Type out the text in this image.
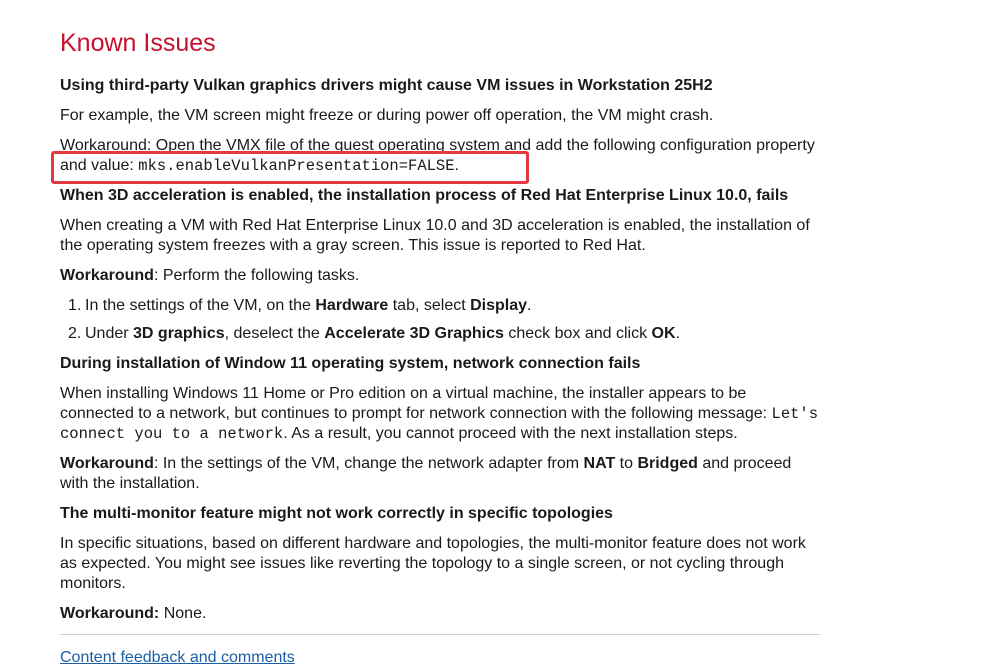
Known Issues

Using third-party Vulkan graphics drivers might cause VM issues in Workstation 25H2

For example, the VM screen might freeze or during power off operation, the VM might crash.

Workaround: Open the VMX file of the guest operating system and add the following configuration property

and value: mks.enableVulkanPresentation=FALSE.

When 3D acceleration is enabled, the installation process of Red Hat Enterprise Linux 10.0, fails

When creating a VM with Red Hat Enterprise Linux 10.0 and 3D acceleration is enabled, the installation of

the operating system freezes with a gray screen. This issue is reported to Red Hat.

Workaround: Perform the following tasks.

1. In the settings of the VM, on the Hardware tab, select Display.
2. Under 3D graphics, deselect the Accelerate 3D Graphics check box and click OK.

During installation of Window 11 operating system, network connection fails

When installing Windows 11 Home or Pro edition on a virtual machine, the installer appears to be

connected to a network, but continues to prompt for network connection with the following message: Let's

connect you to a network. As a result, you cannot proceed with the next installation steps.

Workaround: In the settings of the VM, change the network adapter from NAT to Bridged and proceed

with the installation.

The multi-monitor feature might not work correctly in specific topologies

In specific situations, based on different hardware and topologies, the multi-monitor feature does not work

as expected. You might see issues like reverting the topology to a single screen, or not cycling through

monitors.

Workaround: None.

Content feedback and comments
